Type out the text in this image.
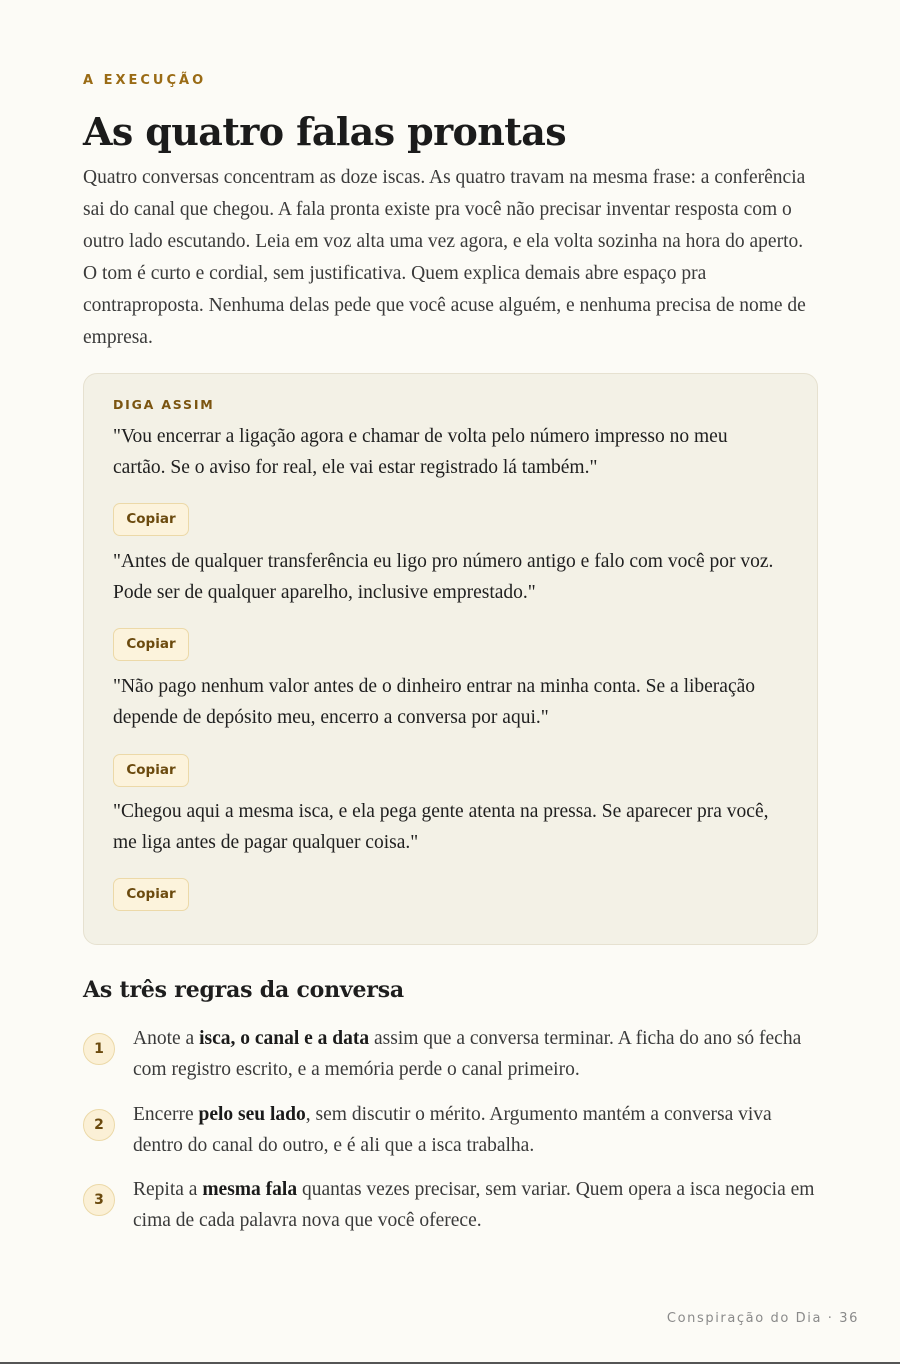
A EXECUÇÃO
As quatro falas prontas

Quatro conversas concentram as doze iscas. As quatro travam na mesma frase: a conferência sai do canal que chegou. A fala pronta existe pra você não precisar inventar resposta com o outro lado escutando. Leia em voz alta uma vez agora, e ela volta sozinha na hora do aperto. O tom é curto e cordial, sem justificativa. Quem explica demais abre espaço pra contraproposta. Nenhuma delas pede que você acuse alguém, e nenhuma precisa de nome de empresa.

DIGA ASSIM

"Vou encerrar a ligação agora e chamar de volta pelo número impresso no meu cartão. Se o aviso for real, ele vai estar registrado lá também."

Copiar

"Antes de qualquer transferência eu ligo pro número antigo e falo com você por voz. Pode ser de qualquer aparelho, inclusive emprestado."

Copiar

"Não pago nenhum valor antes de o dinheiro entrar na minha conta. Se a liberação depende de depósito meu, encerro a conversa por aqui."

Copiar

"Chegou aqui a mesma isca, e ela pega gente atenta na pressa. Se aparecer pra você, me liga antes de pagar qualquer coisa."

Copiar
As três regras da conversa
1	Anote a isca, o canal e a data assim que a conversa terminar. A ficha do ano só fecha com registro escrito, e a memória perde o canal primeiro.

2	Encerre pelo seu lado, sem discutir o mérito. Argumento mantém a conversa viva dentro do canal do outro, e é ali que a isca trabalha.

3	Repita a mesma fala quantas vezes precisar, sem variar. Quem opera a isca negocia em cima de cada palavra nova que você oferece.

Conspiração do Dia · 36
